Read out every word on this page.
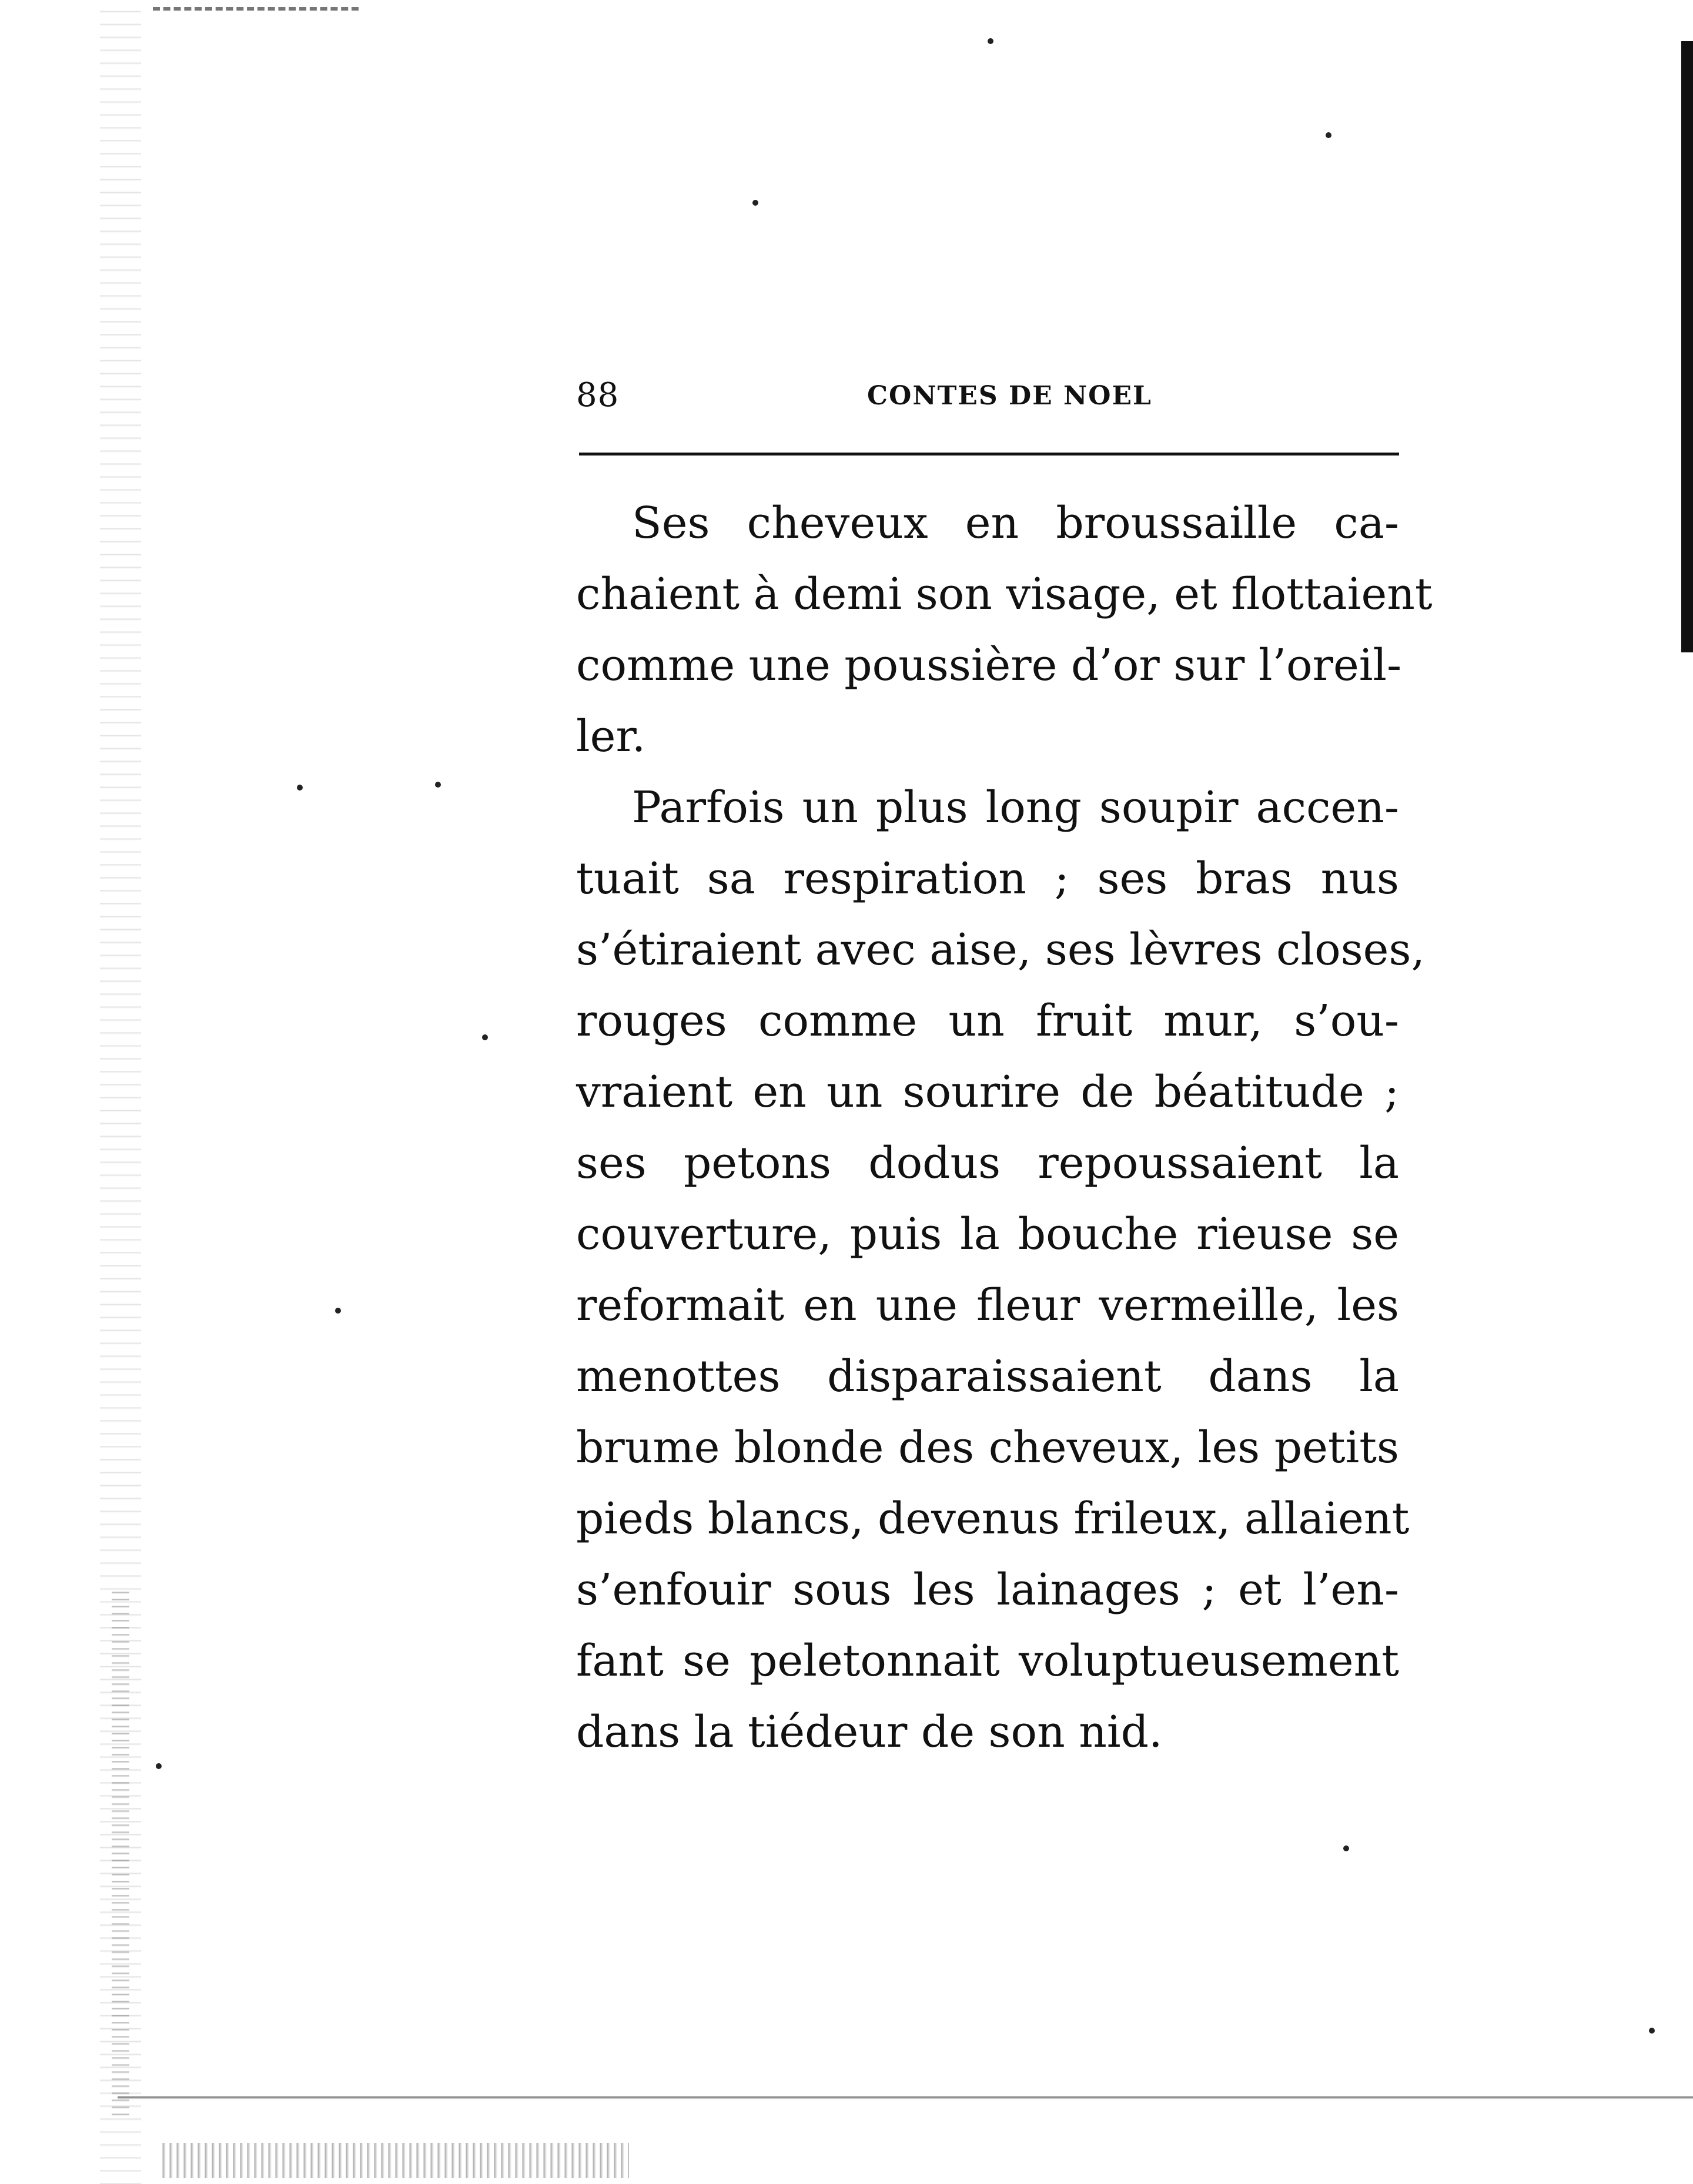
88	CONTES DE NOEL
Ses cheveux en broussaille ca-
chaient à demi son visage, et flottaient
comme une poussière d’or sur l’oreil-
ler.
Parfois un plus long soupir accen-
tuait sa respiration ; ses bras nus
s’étiraient avec aise, ses lèvres closes,
rouges comme un fruit mur, s’ou-
vraient en un sourire de béatitude ;
ses petons dodus repoussaient la
couverture, puis la bouche rieuse se
reformait en une fleur vermeille, les
menottes disparaissaient dans la
brume blonde des cheveux, les petits
pieds blancs, devenus frileux, allaient
s’enfouir sous les lainages ; et l’en-
fant se peletonnait voluptueusement
dans la tiédeur de son nid.
